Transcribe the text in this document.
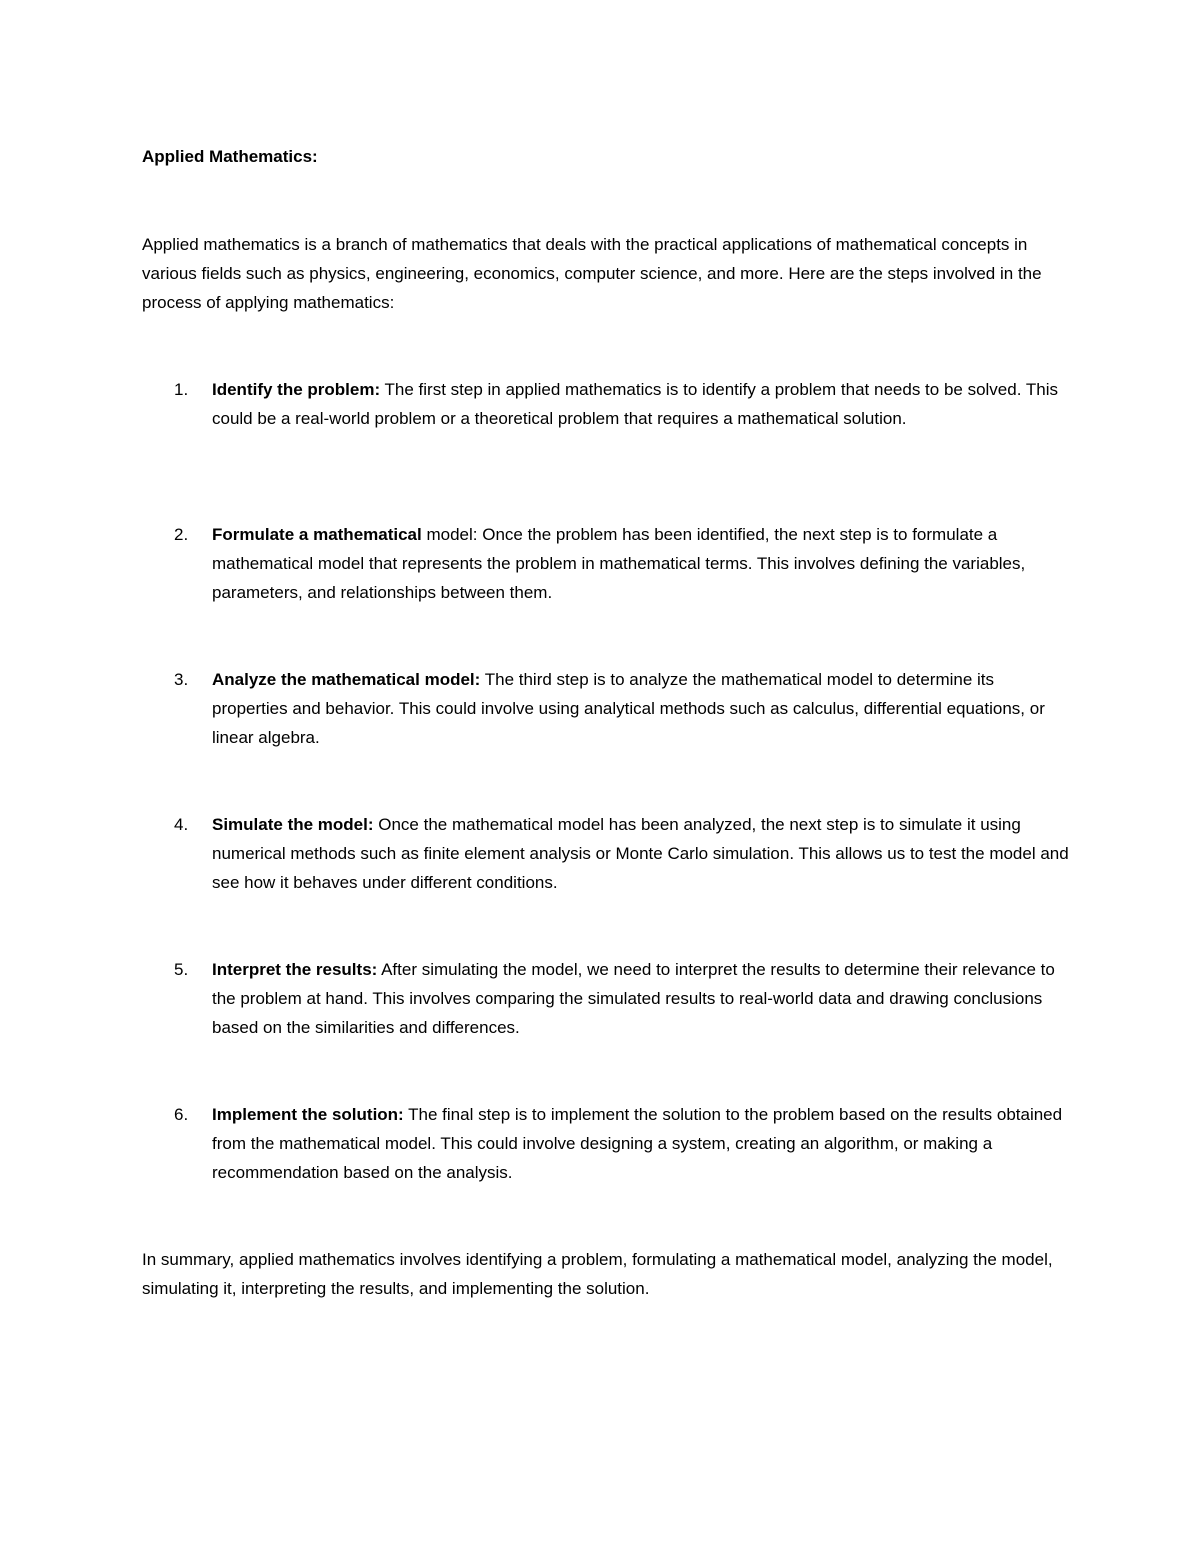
Applied Mathematics:

Applied mathematics is a branch of mathematics that deals with the practical applications of mathematical concepts in various fields such as physics, engineering, economics, computer science, and more. Here are the steps involved in the process of applying mathematics:

1. Identify the problem: The first step in applied mathematics is to identify a problem that needs to be solved. This could be a real-world problem or a theoretical problem that requires a mathematical solution.
2. Formulate a mathematical model: Once the problem has been identified, the next step is to formulate a mathematical model that represents the problem in mathematical terms. This involves defining the variables, parameters, and relationships between them.
3. Analyze the mathematical model: The third step is to analyze the mathematical model to determine its properties and behavior. This could involve using analytical methods such as calculus, differential equations, or linear algebra.
4. Simulate the model: Once the mathematical model has been analyzed, the next step is to simulate it using numerical methods such as finite element analysis or Monte Carlo simulation. This allows us to test the model and see how it behaves under different conditions.
5. Interpret the results: After simulating the model, we need to interpret the results to determine their relevance to the problem at hand. This involves comparing the simulated results to real-world data and drawing conclusions based on the similarities and differences.
6. Implement the solution: The final step is to implement the solution to the problem based on the results obtained from the mathematical model. This could involve designing a system, creating an algorithm, or making a recommendation based on the analysis.

In summary, applied mathematics involves identifying a problem, formulating a mathematical model, analyzing the model, simulating it, interpreting the results, and implementing the solution.
